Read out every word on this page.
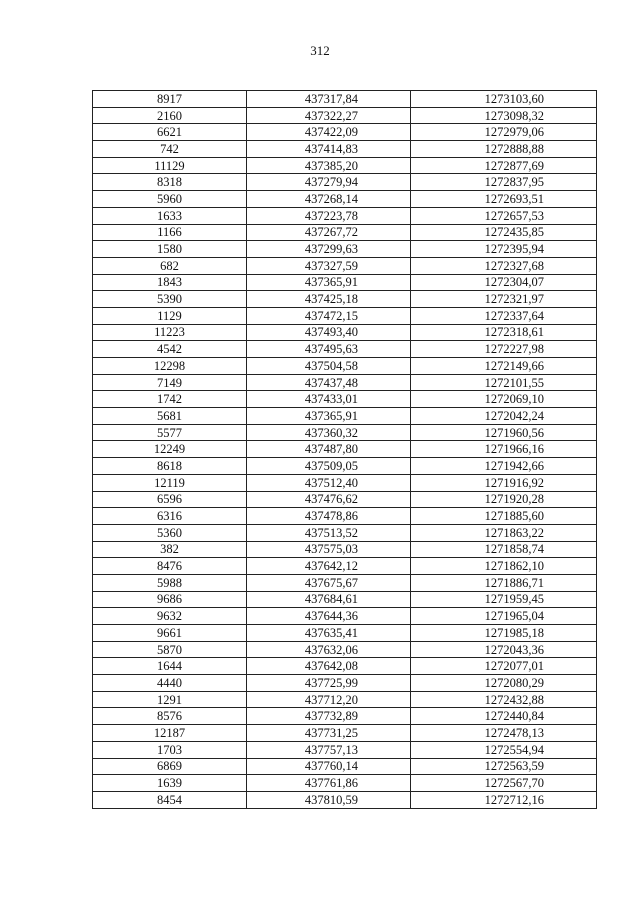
312
8917	437317,84	1273103,60
2160	437322,27	1273098,32
6621	437422,09	1272979,06
742	437414,83	1272888,88
11129	437385,20	1272877,69
8318	437279,94	1272837,95
5960	437268,14	1272693,51
1633	437223,78	1272657,53
1166	437267,72	1272435,85
1580	437299,63	1272395,94
682	437327,59	1272327,68
1843	437365,91	1272304,07
5390	437425,18	1272321,97
1129	437472,15	1272337,64
11223	437493,40	1272318,61
4542	437495,63	1272227,98
12298	437504,58	1272149,66
7149	437437,48	1272101,55
1742	437433,01	1272069,10
5681	437365,91	1272042,24
5577	437360,32	1271960,56
12249	437487,80	1271966,16
8618	437509,05	1271942,66
12119	437512,40	1271916,92
6596	437476,62	1271920,28
6316	437478,86	1271885,60
5360	437513,52	1271863,22
382	437575,03	1271858,74
8476	437642,12	1271862,10
5988	437675,67	1271886,71
9686	437684,61	1271959,45
9632	437644,36	1271965,04
9661	437635,41	1271985,18
5870	437632,06	1272043,36
1644	437642,08	1272077,01
4440	437725,99	1272080,29
1291	437712,20	1272432,88
8576	437732,89	1272440,84
12187	437731,25	1272478,13
1703	437757,13	1272554,94
6869	437760,14	1272563,59
1639	437761,86	1272567,70
8454	437810,59	1272712,16
